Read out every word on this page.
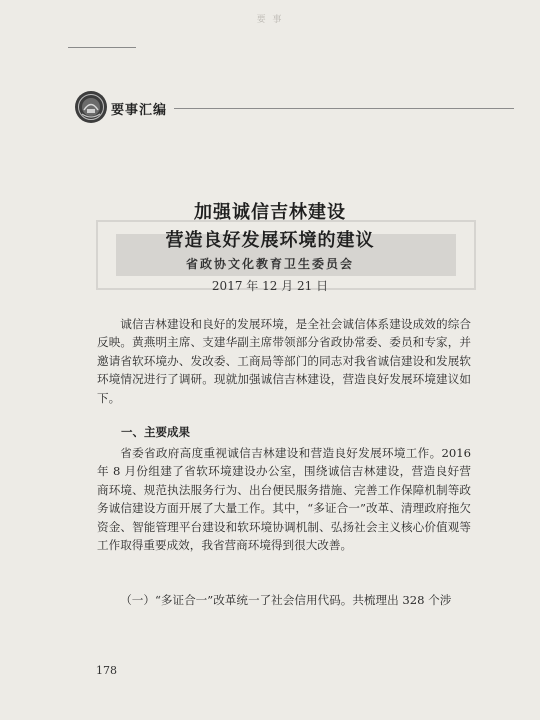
要 事
要事汇编
加强诚信吉林建设
营造良好发展环境的建议
省政协文化教育卫生委员会
2017 年 12 月 21 日

诚信吉林建设和良好的发展环境，是全社会诚信体系建设成效的综合反映。黄燕明主席、支建华副主席带领部分省政协常委、委员和专家，并邀请省软环境办、发改委、工商局等部门的同志对我省诚信建设和发展软环境情况进行了调研。现就加强诚信吉林建设，营造良好发展环境建议如下。

一、主要成果

省委省政府高度重视诚信吉林建设和营造良好发展环境工作。2016 年 8 月份组建了省软环境建设办公室，围绕诚信吉林建设，营造良好营商环境、规范执法服务行为、出台便民服务措施、完善工作保障机制等政务诚信建设方面开展了大量工作。其中，“多证合一”改革、清理政府拖欠资金、智能管理平台建设和软环境协调机制、弘扬社会主义核心价值观等工作取得重要成效，我省营商环境得到很大改善。

（一）“多证合一”改革统一了社会信用代码。共梳理出 328 个涉

178
